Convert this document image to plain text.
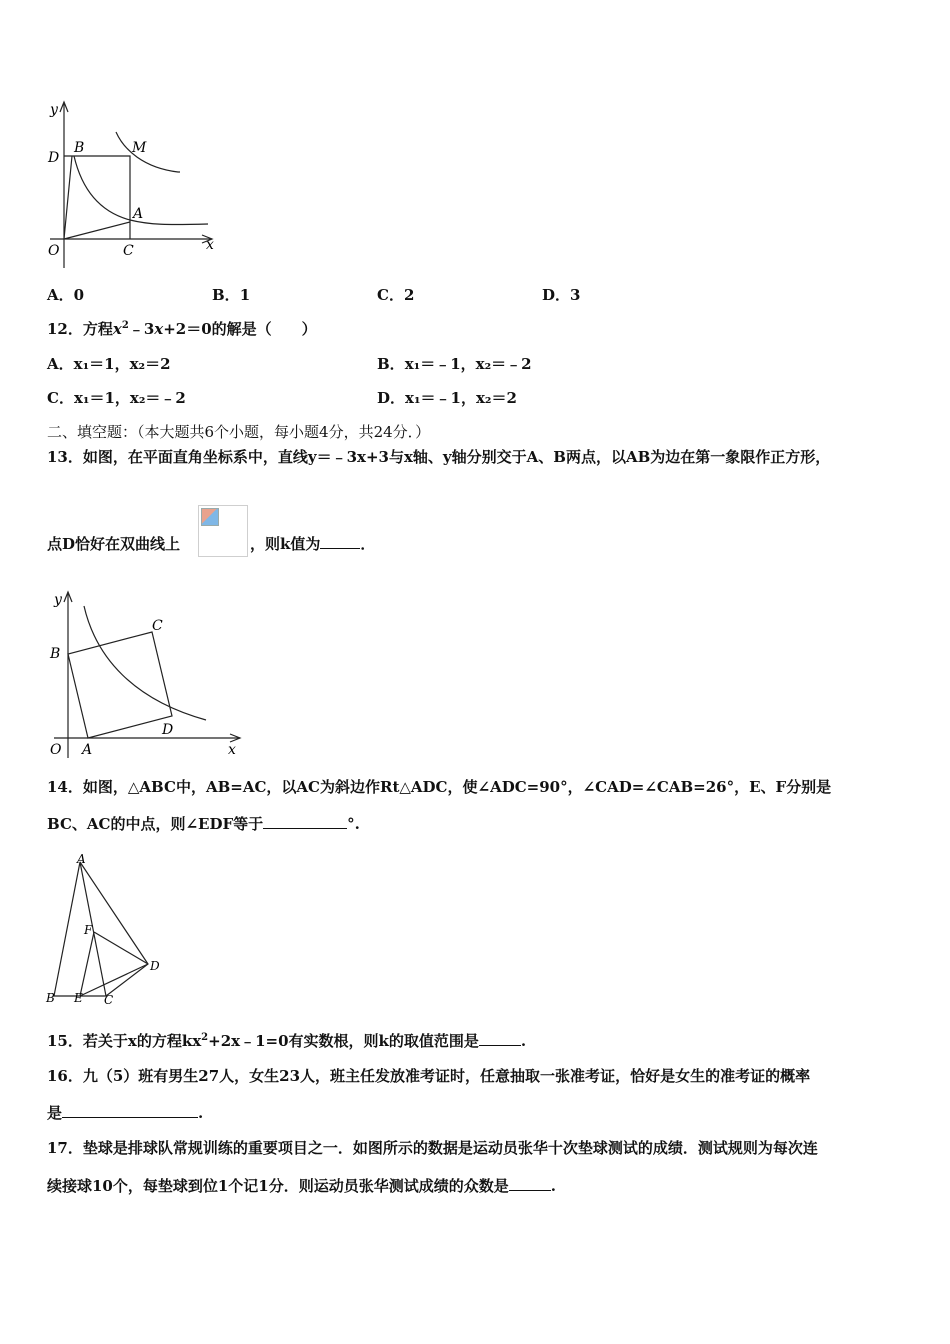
y
D
B	M
A
O	C	x
A．0	B．1	C．2	D．3
12．方程$x^2﹣3x+2=0$的解是（　　）
A．x₁＝1，x₂＝2	B．x₁＝﹣1，x₂＝﹣2
C．x₁＝1，x₂＝﹣2	D．x₁＝﹣1，x₂＝2
二、填空题：（本大题共6个小题，每小题4分，共24分．）
13．如图，在平面直角坐标系中，直线y＝﹣3x+3与x轴、y轴分别交于A、B两点，以AB为边在第一象限作正方形，
点D恰好在双曲线上	，则k值为	．
y
B
C
O A
D
x
14．如图，△ABC中，AB=AC，以AC为斜边作Rt△ADC，使∠ADC=90°，∠CAD=∠CAB=26°，E、F分别是
BC、AC的中点，则∠EDF等于	°.
A
F
D
B E C
15．若关于x的方程$kx^2+2x﹣1=0$有实数根，则k的取值范围是	.
16．九（5）班有男生27人，女生23人，班主任发放准考证时，任意抽取一张准考证，恰好是女生的准考证的概率
是	.
17．垫球是排球队常规训练的重要项目之一．如图所示的数据是运动员张华十次垫球测试的成绩．测试规则为每次连
续接球10个，每垫球到位1个记1分．则运动员张华测试成绩的众数是	.
